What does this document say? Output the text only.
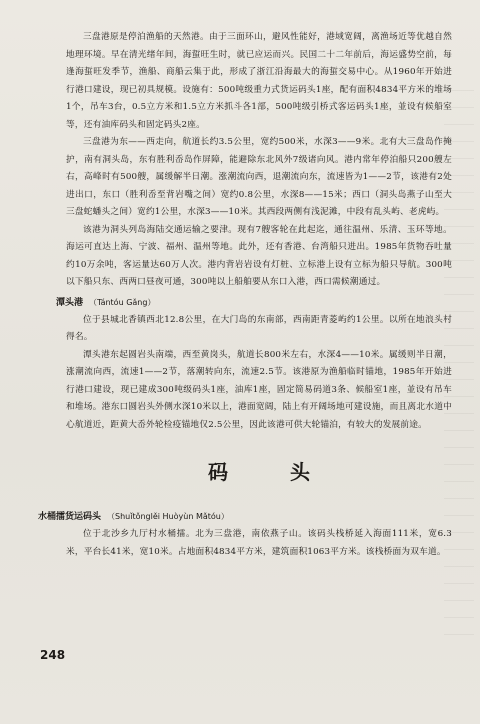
三盘港原是停泊渔船的天然港。由于三面环山，避风性能好，港域宽阔，离渔场近等优越自然地理环境。早在清光绪年间，海蜇旺生时，就已应运而兴。民国二十二年前后，海运盛势空前，每逢海蜇旺发季节，渔船、商船云集于此，形成了浙江沿海最大的海蜇交易中心。从1960年开始进行港口建设，现已初具规模。设施有：500吨级重力式货运码头1座，配有面积4834平方米的堆场1个，吊车3台，0.5立方米和1.5立方米抓斗各1部，500吨级引桥式客运码头1座，並设有候船室等，还有油库码头和固定码头2座。

三盘港为东——西走向，航道长约3.5公里，宽约500米，水深3——9米。北有大三盘岛作掩护，南有洞头岛，东有胜利岙岛作屏障，能避除东北风外7级诸向风。港内常年停泊船只200艘左右，高峰时有500艘，属缓解半日潮。涨潮流向西，退潮流向东，流速皆为1——2节，该港有2处进出口，东口（胜利岙至背岩嘴之间）宽约0.8公里，水深8——15米；西口（洞头岛燕子山至大三盘蛇蟠头之间）宽约1公里，水深3——10米。其西段两侧有浅泥滩，中段有乱头屿、老虎屿。

该港为洞头列岛海陆交通运输之要津。现有7艘客轮在此起迄，通往温州、乐清、玉环等地。海运可直达上海、宁波、福州、温州等地。此外，还有香港、台湾船只进出。1985年货物吞吐量约10万余吨，客运量达60万人次。港内背岩岩设有灯桩、立标港上设有立标为船只导航。300吨以下船只东、西两口昼夜可通，300吨以上船舶要从东口入港，西口需候潮通过。

潭头港 （Tántóu Gǎng）

位于县城北香镇西北12.8公里，在大门岛的东南部，西南距青菱屿约1公里。以所在地浪头村得名。

潭头港东起圆岩头南端，西至黄岗头，航道长800米左右，水深4——10米。属缓则半日潮，涨潮流向西，流速1——2节，落潮转向东，流速2.5节。该港原为渔船临时锚地，1985年开始进行港口建设，现已建成300吨级码头1座，油库1座，固定简易码道3条、候船室1座，並设有吊车和堆场。港东口圆岩头外侧水深10米以上，港面宽阔，陆上有开阔场地可建设施，而且离北水道中心航道近，距黄大岙外轮检疫锚地仅2.5公里，因此该港可供大轮锚泊，有较大的发展前途。

码头
水桶擂货运码头 （Shuǐtǒnglěi Huòyùn Mǎtóu）

位于北沙乡九厅村水桶擂。北为三盘港，南依燕子山。该码头栈桥延入海面111米，宽6.3米，平台长41米，宽10米。占地面积4834平方米，建筑面积1063平方米。该栈桥面为双车道。

248
